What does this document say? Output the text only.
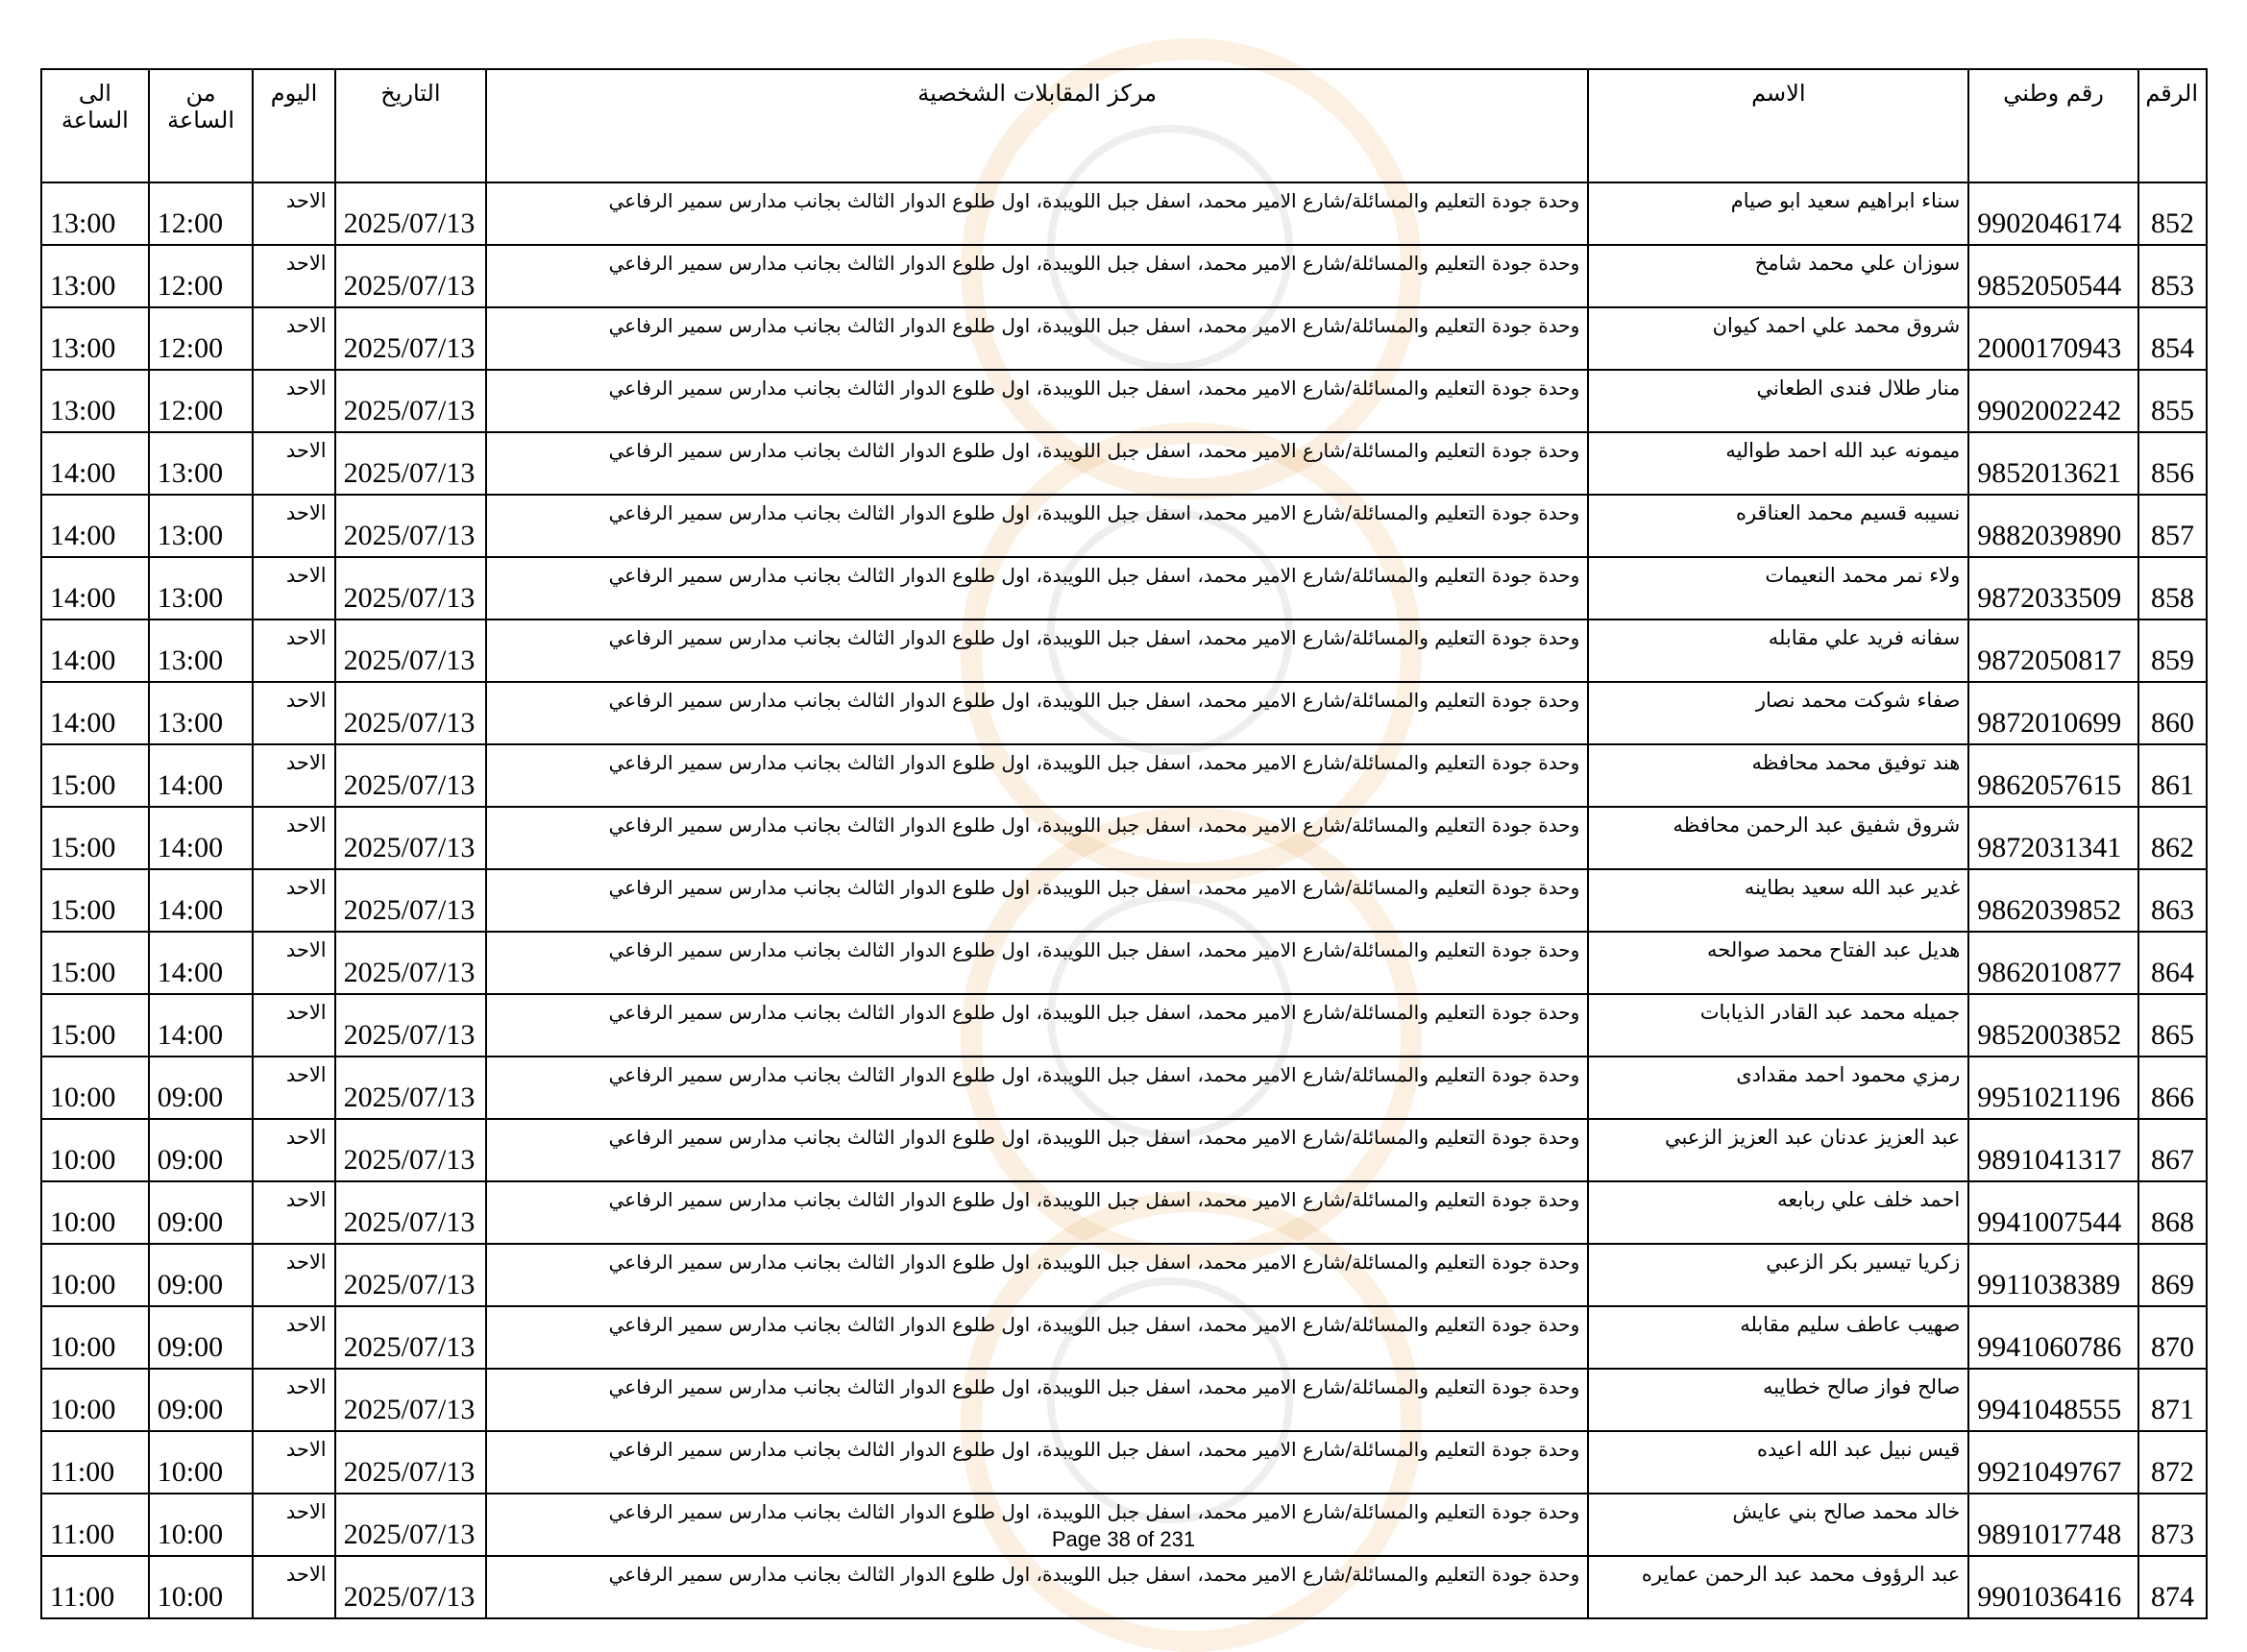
الرقم	رقم وطني	الاسم	مركز المقابلات الشخصية	التاريخ	اليوم	من الساعة	الى الساعة
852	9902046174	سناء ابراهيم سعيد ابو صيام	وحدة جودة التعليم والمسائلة/شارع الامير محمد، اسفل جبل اللويبدة، اول طلوع الدوار الثالث بجانب مدارس سمير الرفاعي	2025/07/13	الاحد	12:00	13:00
853	9852050544	سوزان علي محمد شامخ	وحدة جودة التعليم والمسائلة/شارع الامير محمد، اسفل جبل اللويبدة، اول طلوع الدوار الثالث بجانب مدارس سمير الرفاعي	2025/07/13	الاحد	12:00	13:00
854	2000170943	شروق محمد علي احمد كيوان	وحدة جودة التعليم والمسائلة/شارع الامير محمد، اسفل جبل اللويبدة، اول طلوع الدوار الثالث بجانب مدارس سمير الرفاعي	2025/07/13	الاحد	12:00	13:00
855	9902002242	منار طلال فندى الطعاني	وحدة جودة التعليم والمسائلة/شارع الامير محمد، اسفل جبل اللويبدة، اول طلوع الدوار الثالث بجانب مدارس سمير الرفاعي	2025/07/13	الاحد	12:00	13:00
856	9852013621	ميمونه عبد الله احمد طواليه	وحدة جودة التعليم والمسائلة/شارع الامير محمد، اسفل جبل اللويبدة، اول طلوع الدوار الثالث بجانب مدارس سمير الرفاعي	2025/07/13	الاحد	13:00	14:00
857	9882039890	نسيبه قسيم محمد العناقره	وحدة جودة التعليم والمسائلة/شارع الامير محمد، اسفل جبل اللويبدة، اول طلوع الدوار الثالث بجانب مدارس سمير الرفاعي	2025/07/13	الاحد	13:00	14:00
858	9872033509	ولاء نمر محمد النعيمات	وحدة جودة التعليم والمسائلة/شارع الامير محمد، اسفل جبل اللويبدة، اول طلوع الدوار الثالث بجانب مدارس سمير الرفاعي	2025/07/13	الاحد	13:00	14:00
859	9872050817	سفانه فريد علي مقابله	وحدة جودة التعليم والمسائلة/شارع الامير محمد، اسفل جبل اللويبدة، اول طلوع الدوار الثالث بجانب مدارس سمير الرفاعي	2025/07/13	الاحد	13:00	14:00
860	9872010699	صفاء شوكت محمد نصار	وحدة جودة التعليم والمسائلة/شارع الامير محمد، اسفل جبل اللويبدة، اول طلوع الدوار الثالث بجانب مدارس سمير الرفاعي	2025/07/13	الاحد	13:00	14:00
861	9862057615	هند توفيق محمد محافظه	وحدة جودة التعليم والمسائلة/شارع الامير محمد، اسفل جبل اللويبدة، اول طلوع الدوار الثالث بجانب مدارس سمير الرفاعي	2025/07/13	الاحد	14:00	15:00
862	9872031341	شروق شفيق عبد الرحمن محافظه	وحدة جودة التعليم والمسائلة/شارع الامير محمد، اسفل جبل اللويبدة، اول طلوع الدوار الثالث بجانب مدارس سمير الرفاعي	2025/07/13	الاحد	14:00	15:00
863	9862039852	غدير عبد الله سعيد بطاينه	وحدة جودة التعليم والمسائلة/شارع الامير محمد، اسفل جبل اللويبدة، اول طلوع الدوار الثالث بجانب مدارس سمير الرفاعي	2025/07/13	الاحد	14:00	15:00
864	9862010877	هديل عبد الفتاح محمد صوالحه	وحدة جودة التعليم والمسائلة/شارع الامير محمد، اسفل جبل اللويبدة، اول طلوع الدوار الثالث بجانب مدارس سمير الرفاعي	2025/07/13	الاحد	14:00	15:00
865	9852003852	جميله محمد عبد القادر الذيابات	وحدة جودة التعليم والمسائلة/شارع الامير محمد، اسفل جبل اللويبدة، اول طلوع الدوار الثالث بجانب مدارس سمير الرفاعي	2025/07/13	الاحد	14:00	15:00
866	9951021196	رمزي محمود احمد مقدادى	وحدة جودة التعليم والمسائلة/شارع الامير محمد، اسفل جبل اللويبدة، اول طلوع الدوار الثالث بجانب مدارس سمير الرفاعي	2025/07/13	الاحد	09:00	10:00
867	9891041317	عبد العزيز عدنان عبد العزيز الزعبي	وحدة جودة التعليم والمسائلة/شارع الامير محمد، اسفل جبل اللويبدة، اول طلوع الدوار الثالث بجانب مدارس سمير الرفاعي	2025/07/13	الاحد	09:00	10:00
868	9941007544	احمد خلف علي ربابعه	وحدة جودة التعليم والمسائلة/شارع الامير محمد، اسفل جبل اللويبدة، اول طلوع الدوار الثالث بجانب مدارس سمير الرفاعي	2025/07/13	الاحد	09:00	10:00
869	9911038389	زكريا تيسير بكر الزعبي	وحدة جودة التعليم والمسائلة/شارع الامير محمد، اسفل جبل اللويبدة، اول طلوع الدوار الثالث بجانب مدارس سمير الرفاعي	2025/07/13	الاحد	09:00	10:00
870	9941060786	صهيب عاطف سليم مقابله	وحدة جودة التعليم والمسائلة/شارع الامير محمد، اسفل جبل اللويبدة، اول طلوع الدوار الثالث بجانب مدارس سمير الرفاعي	2025/07/13	الاحد	09:00	10:00
871	9941048555	صالح فواز صالح خطايبه	وحدة جودة التعليم والمسائلة/شارع الامير محمد، اسفل جبل اللويبدة، اول طلوع الدوار الثالث بجانب مدارس سمير الرفاعي	2025/07/13	الاحد	09:00	10:00
872	9921049767	قيس نبيل عبد الله اعيده	وحدة جودة التعليم والمسائلة/شارع الامير محمد، اسفل جبل اللويبدة، اول طلوع الدوار الثالث بجانب مدارس سمير الرفاعي	2025/07/13	الاحد	10:00	11:00
873	9891017748	خالد محمد صالح بني عايش	وحدة جودة التعليم والمسائلة/شارع الامير محمد، اسفل جبل اللويبدة، اول طلوع الدوار الثالث بجانب مدارس سمير الرفاعي	2025/07/13	الاحد	10:00	11:00
874	9901036416	عبد الرؤوف محمد عبد الرحمن عمايره	وحدة جودة التعليم والمسائلة/شارع الامير محمد، اسفل جبل اللويبدة، اول طلوع الدوار الثالث بجانب مدارس سمير الرفاعي	2025/07/13	الاحد	10:00	11:00
Page 38 of 231
